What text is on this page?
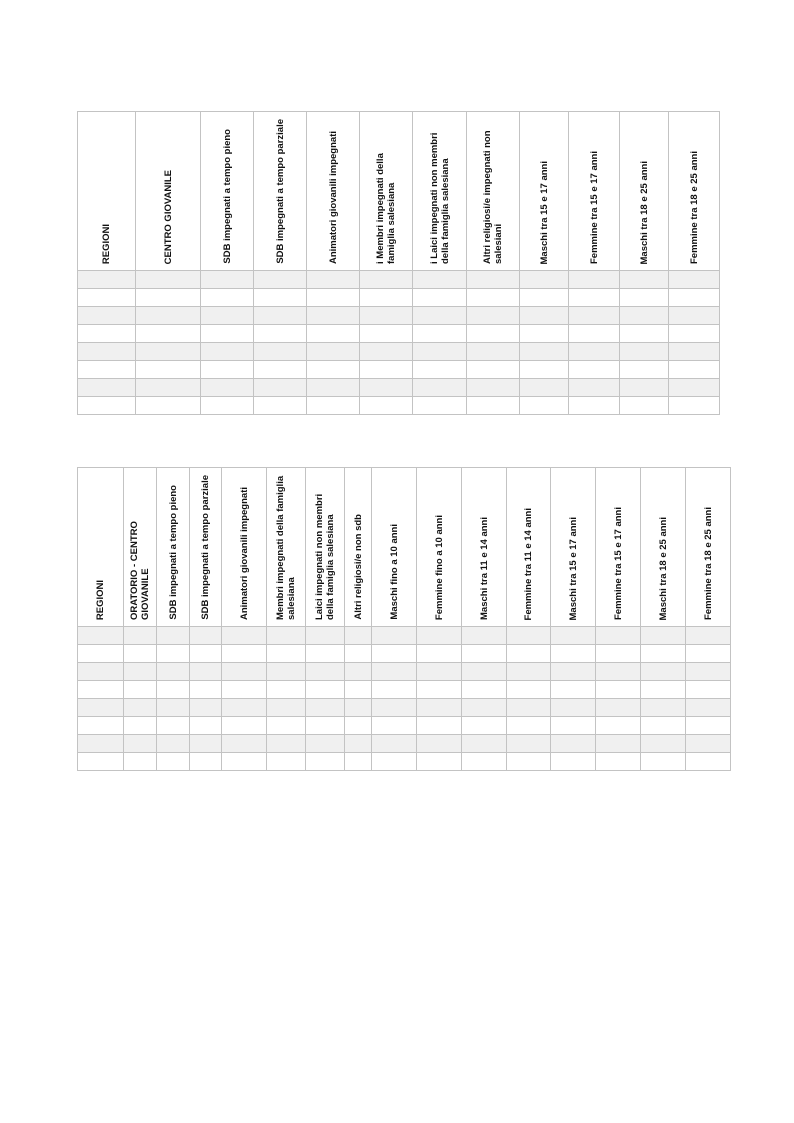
REGIONI	CENTRO GIOVANILE	SDB impegnati a tempo pieno	SDB impegnati a tempo parziale	Animatori giovanili impegnati	i Membri impegnati della famiglia salesiana	i Laici impegnati non membri della famiglia salesiana	Altri religiosi/e impegnati non salesiani	Maschi tra 15 e 17 anni	Femmine tra 15 e 17 anni	Maschi tra 18 e 25 anni	Femmine tra 18 e 25 anni

REGIONI	ORATORIO - CENTRO GIOVANILE	SDB impegnati a tempo pieno	SDB impegnati a tempo parziale	Animatori giovanili impegnati	Membri impegnati della famiglia salesiana	Laici impegnati non membri della famiglia salesiana	Altri religiosi/e non sdb	Maschi fino a 10 anni	Femmine fino a 10 anni	Maschi tra 11 e 14 anni	Femmine tra 11 e 14 anni	Maschi tra 15 e 17 anni	Femmine tra 15 e 17 anni	Maschi tra 18 e 25 anni	Femmine tra 18 e 25 anni
